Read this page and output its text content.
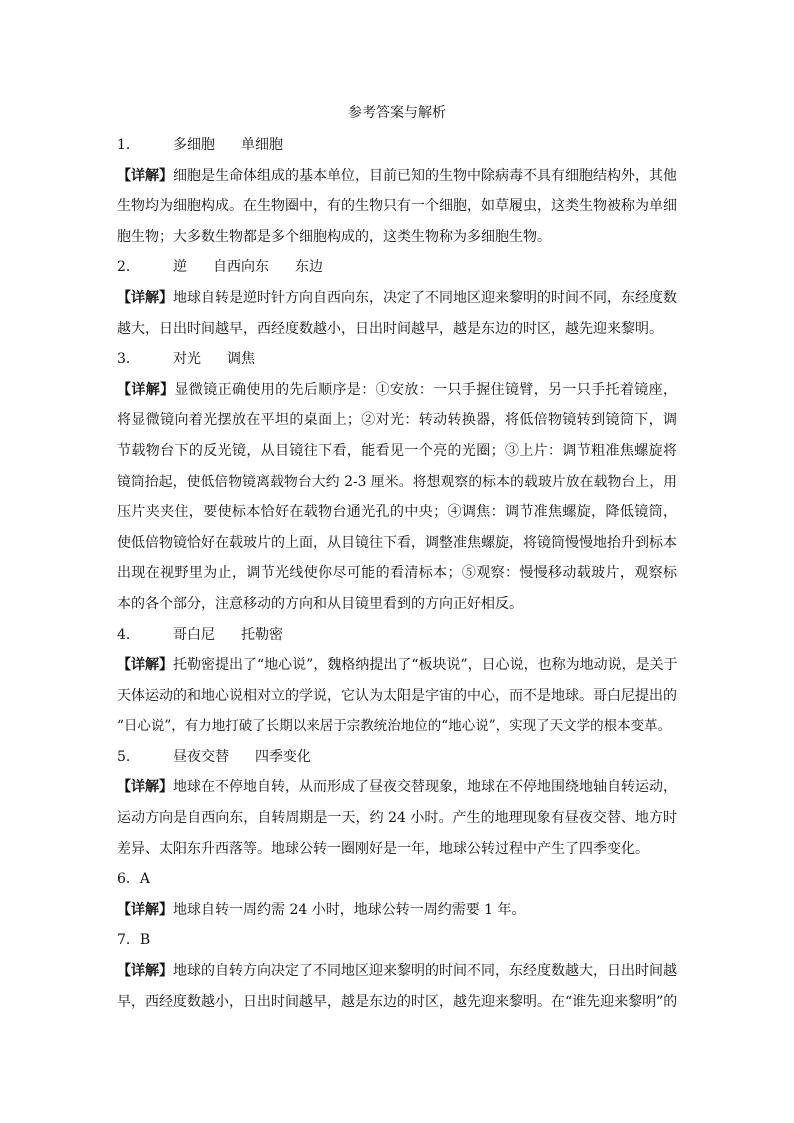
参考答案与解析
1． 多细胞 单细胞
【详解】细胞是生命体组成的基本单位，目前已知的生物中除病毒不具有细胞结构外，其他
生物均为细胞构成。在生物圈中，有的生物只有一个细胞，如草履虫，这类生物被称为单细
胞生物；大多数生物都是多个细胞构成的，这类生物称为多细胞生物。
2． 逆 自西向东 东边
【详解】地球自转是逆时针方向自西向东，决定了不同地区迎来黎明的时间不同，东经度数
越大，日出时间越早，西经度数越小，日出时间越早，越是东边的时区，越先迎来黎明。
3． 对光 调焦
【详解】显微镜正确使用的先后顺序是：①安放：一只手握住镜臂，另一只手托着镜座，
将显微镜向着光摆放在平坦的桌面上；②对光：转动转换器，将低倍物镜转到镜筒下，调
节载物台下的反光镜，从目镜往下看，能看见一个亮的光圈；③上片：调节粗准焦螺旋将
镜筒抬起，使低倍物镜离载物台大约 2-3 厘米。将想观察的标本的载玻片放在载物台上，用
压片夹夹住，要使标本恰好在载物台通光孔的中央；④调焦：调节准焦螺旋，降低镜筒，
使低倍物镜恰好在载玻片的上面，从目镜往下看，调整准焦螺旋，将镜筒慢慢地抬升到标本
出现在视野里为止，调节光线使你尽可能的看清标本；⑤观察：慢慢移动载玻片，观察标
本的各个部分，注意移动的方向和从目镜里看到的方向正好相反。
4． 哥白尼 托勒密
【详解】托勒密提出了“地心说”，魏格纳提出了“板块说”，日心说，也称为地动说，是关于
天体运动的和地心说相对立的学说，它认为太阳是宇宙的中心，而不是地球。哥白尼提出的
“日心说”，有力地打破了长期以来居于宗教统治地位的“地心说”，实现了天文学的根本变革。
5． 昼夜交替 四季变化
【详解】地球在不停地自转，从而形成了昼夜交替现象，地球在不停地围绕地轴自转运动，
运动方向是自西向东，自转周期是一天，约 24 小时。产生的地理现象有昼夜交替、地方时
差异、太阳东升西落等。地球公转一圈刚好是一年，地球公转过程中产生了四季变化。
6．A
【详解】地球自转一周约需 24 小时，地球公转一周约需要 1 年。
7．B
【详解】地球的自转方向决定了不同地区迎来黎明的时间不同，东经度数越大，日出时间越
早，西经度数越小，日出时间越早，越是东边的时区，越先迎来黎明。在“谁先迎来黎明”的
